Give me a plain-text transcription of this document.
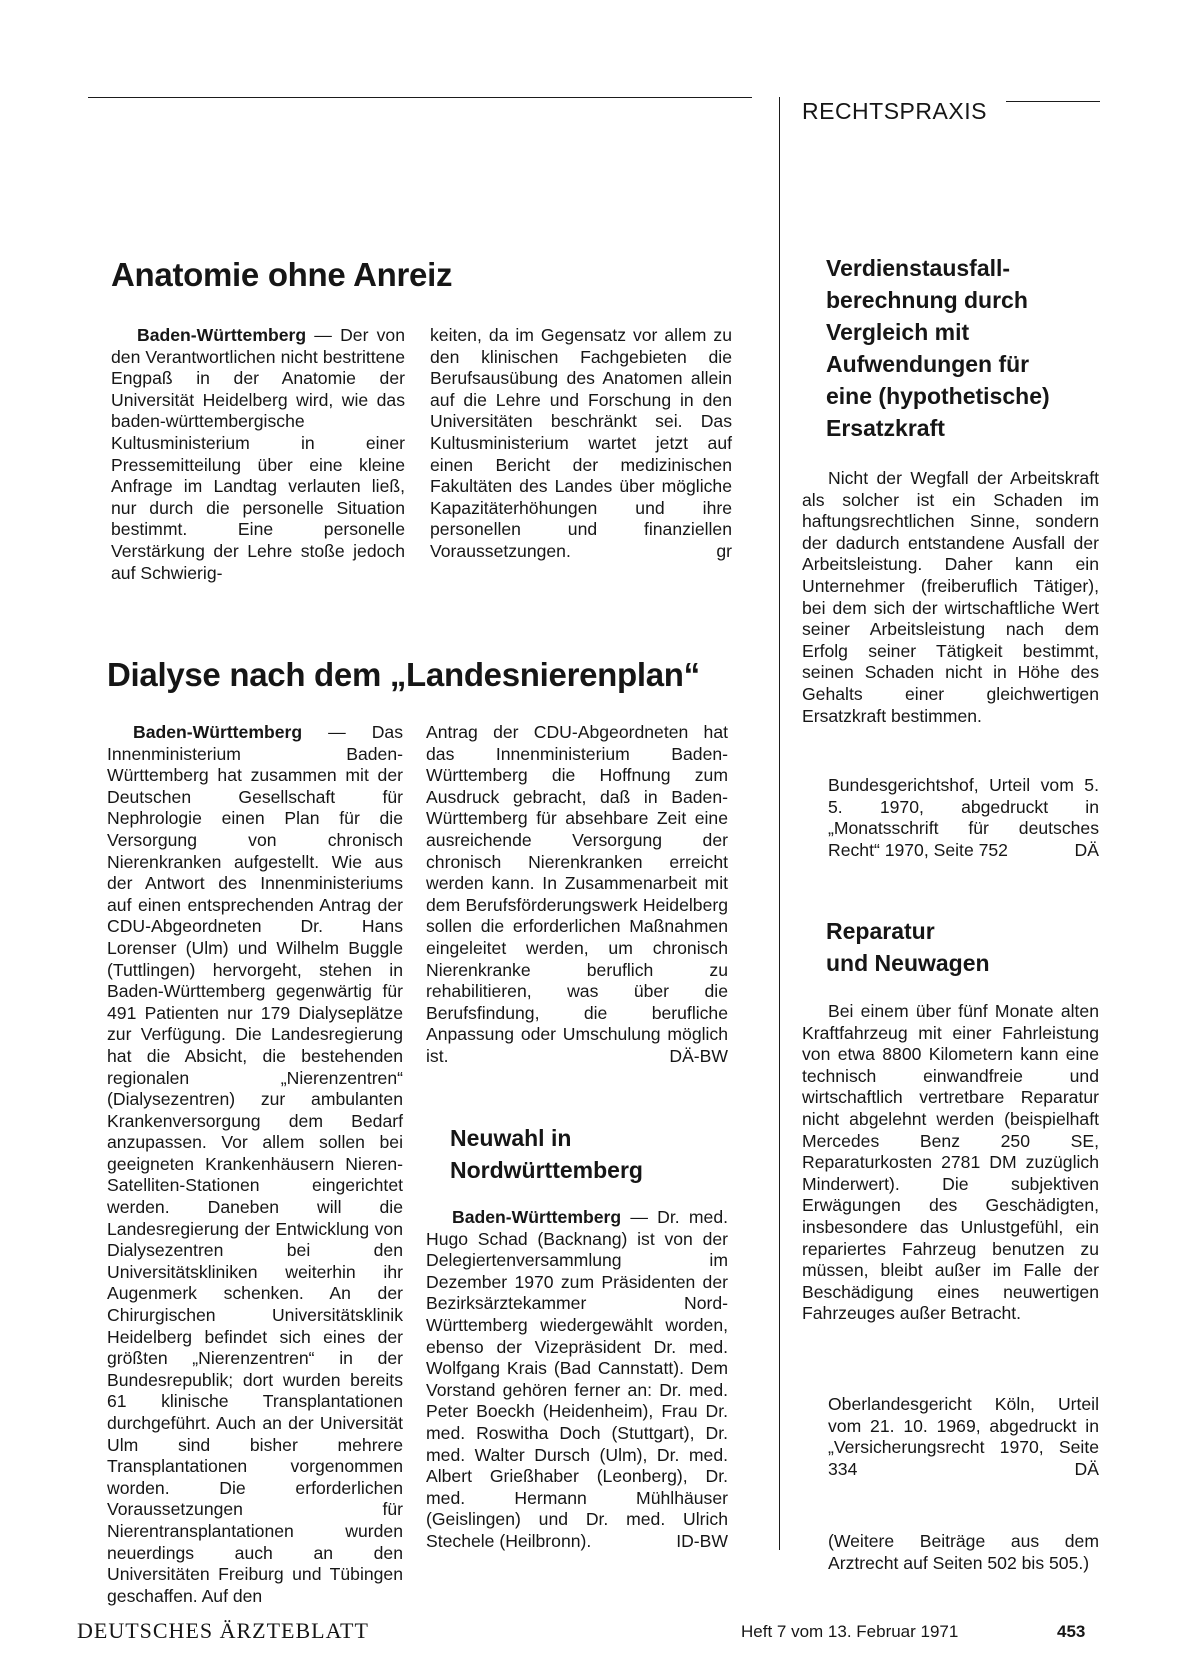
RECHTSPRAXIS
Anatomie ohne Anreiz

Baden-Württemberg — Der von den Verantwortlichen nicht bestrittene Engpaß in der Anatomie der Universität Heidelberg wird, wie das baden-württembergische Kultusministerium in einer Pressemitteilung über eine kleine Anfrage im Landtag verlauten ließ, nur durch die personelle Situation bestimmt. Eine personelle Verstärkung der Lehre stoße jedoch auf Schwierig-

keiten, da im Gegensatz vor allem zu den klinischen Fachgebieten die Berufsausübung des Anatomen allein auf die Lehre und Forschung in den Universitäten beschränkt sei. Das Kultusministerium wartet jetzt auf einen Bericht der medizinischen Fakultäten des Landes über mögliche Kapazitäterhöhungen und ihre personellen und finanziellen Voraussetzungen.	gr

Dialyse nach dem „Landesnierenplan“

Baden-Württemberg — Das Innenministerium Baden-Württemberg hat zusammen mit der Deutschen Gesellschaft für Nephrologie einen Plan für die Versorgung von chronisch Nierenkranken aufgestellt. Wie aus der Antwort des Innenministeriums auf einen entsprechenden Antrag der CDU-Abgeordneten Dr. Hans Lorenser (Ulm) und Wilhelm Buggle (Tuttlingen) hervorgeht, stehen in Baden-Württemberg gegenwärtig für 491 Patienten nur 179 Dialyseplätze zur Verfügung. Die Landesregierung hat die Absicht, die bestehenden regionalen „Nierenzentren“ (Dialysezentren) zur ambulanten Krankenversorgung dem Bedarf anzupassen. Vor allem sollen bei geeigneten Krankenhäusern Nieren-Satelliten-Stationen eingerichtet werden. Daneben will die Landesregierung der Entwicklung von Dialysezentren bei den Universitätskliniken weiterhin ihr Augenmerk schenken. An der Chirurgischen Universitätsklinik Heidelberg befindet sich eines der größten „Nierenzentren“ in der Bundesrepublik; dort wurden bereits 61 klinische Transplantationen durchgeführt. Auch an der Universität Ulm sind bisher mehrere Transplantationen vorgenommen worden. Die erforderlichen Voraussetzungen für Nierentransplantationen wurden neuerdings auch an den Universitäten Freiburg und Tübingen geschaffen. Auf den

Antrag der CDU-Abgeordneten hat das Innenministerium Baden-Württemberg die Hoffnung zum Ausdruck gebracht, daß in Baden-Württemberg für absehbare Zeit eine ausreichende Versorgung der chronisch Nierenkranken erreicht werden kann. In Zusammenarbeit mit dem Berufsförderungswerk Heidelberg sollen die erforderlichen Maßnahmen eingeleitet werden, um chronisch Nierenkranke beruflich zu rehabilitieren, was über die Berufsfindung, die berufliche Anpassung oder Umschulung möglich ist.	DÄ-BW

Neuwahl in
Nordwürttemberg

Baden-Württemberg — Dr. med. Hugo Schad (Backnang) ist von der Delegiertenversammlung im Dezember 1970 zum Präsidenten der Bezirksärztekammer Nord-Württemberg wiedergewählt worden, ebenso der Vizepräsident Dr. med. Wolfgang Krais (Bad Cannstatt). Dem Vorstand gehören ferner an: Dr. med. Peter Boeckh (Heidenheim), Frau Dr. med. Roswitha Doch (Stuttgart), Dr. med. Walter Dursch (Ulm), Dr. med. Albert Grießhaber (Leonberg), Dr. med. Hermann Mühlhäuser (Geislingen) und Dr. med. Ulrich Stechele (Heilbronn).	ID-BW

Verdienstausfall-
berechnung durch
Vergleich mit
Aufwendungen für
eine (hypothetische)
Ersatzkraft

Nicht der Wegfall der Arbeitskraft als solcher ist ein Schaden im haftungsrechtlichen Sinne, sondern der dadurch entstandene Ausfall der Arbeitsleistung. Daher kann ein Unternehmer (freiberuflich Tätiger), bei dem sich der wirtschaftliche Wert seiner Arbeitsleistung nach dem Erfolg seiner Tätigkeit bestimmt, seinen Schaden nicht in Höhe des Gehalts einer gleichwertigen Ersatzkraft bestimmen.

Bundesgerichtshof, Urteil vom 5. 5. 1970, abgedruckt in „Monatsschrift für deutsches Recht“ 1970, Seite 752	DÄ

Reparatur
und Neuwagen

Bei einem über fünf Monate alten Kraftfahrzeug mit einer Fahrleistung von etwa 8800 Kilometern kann eine technisch einwandfreie und wirtschaftlich vertretbare Reparatur nicht abgelehnt werden (beispielhaft Mercedes Benz 250 SE, Reparaturkosten 2781 DM zuzüglich Minderwert). Die subjektiven Erwägungen des Geschädigten, insbesondere das Unlustgefühl, ein repariertes Fahrzeug benutzen zu müssen, bleibt außer im Falle der Beschädigung eines neuwertigen Fahrzeuges außer Betracht.

Oberlandesgericht Köln, Urteil vom 21. 10. 1969, abgedruckt in „Versicherungsrecht 1970, Seite 334	DÄ

(Weitere Beiträge aus dem Arztrecht auf Seiten 502 bis 505.)

DEUTSCHES ÄRZTEBLATT	Heft 7 vom 13. Februar 1971	453
